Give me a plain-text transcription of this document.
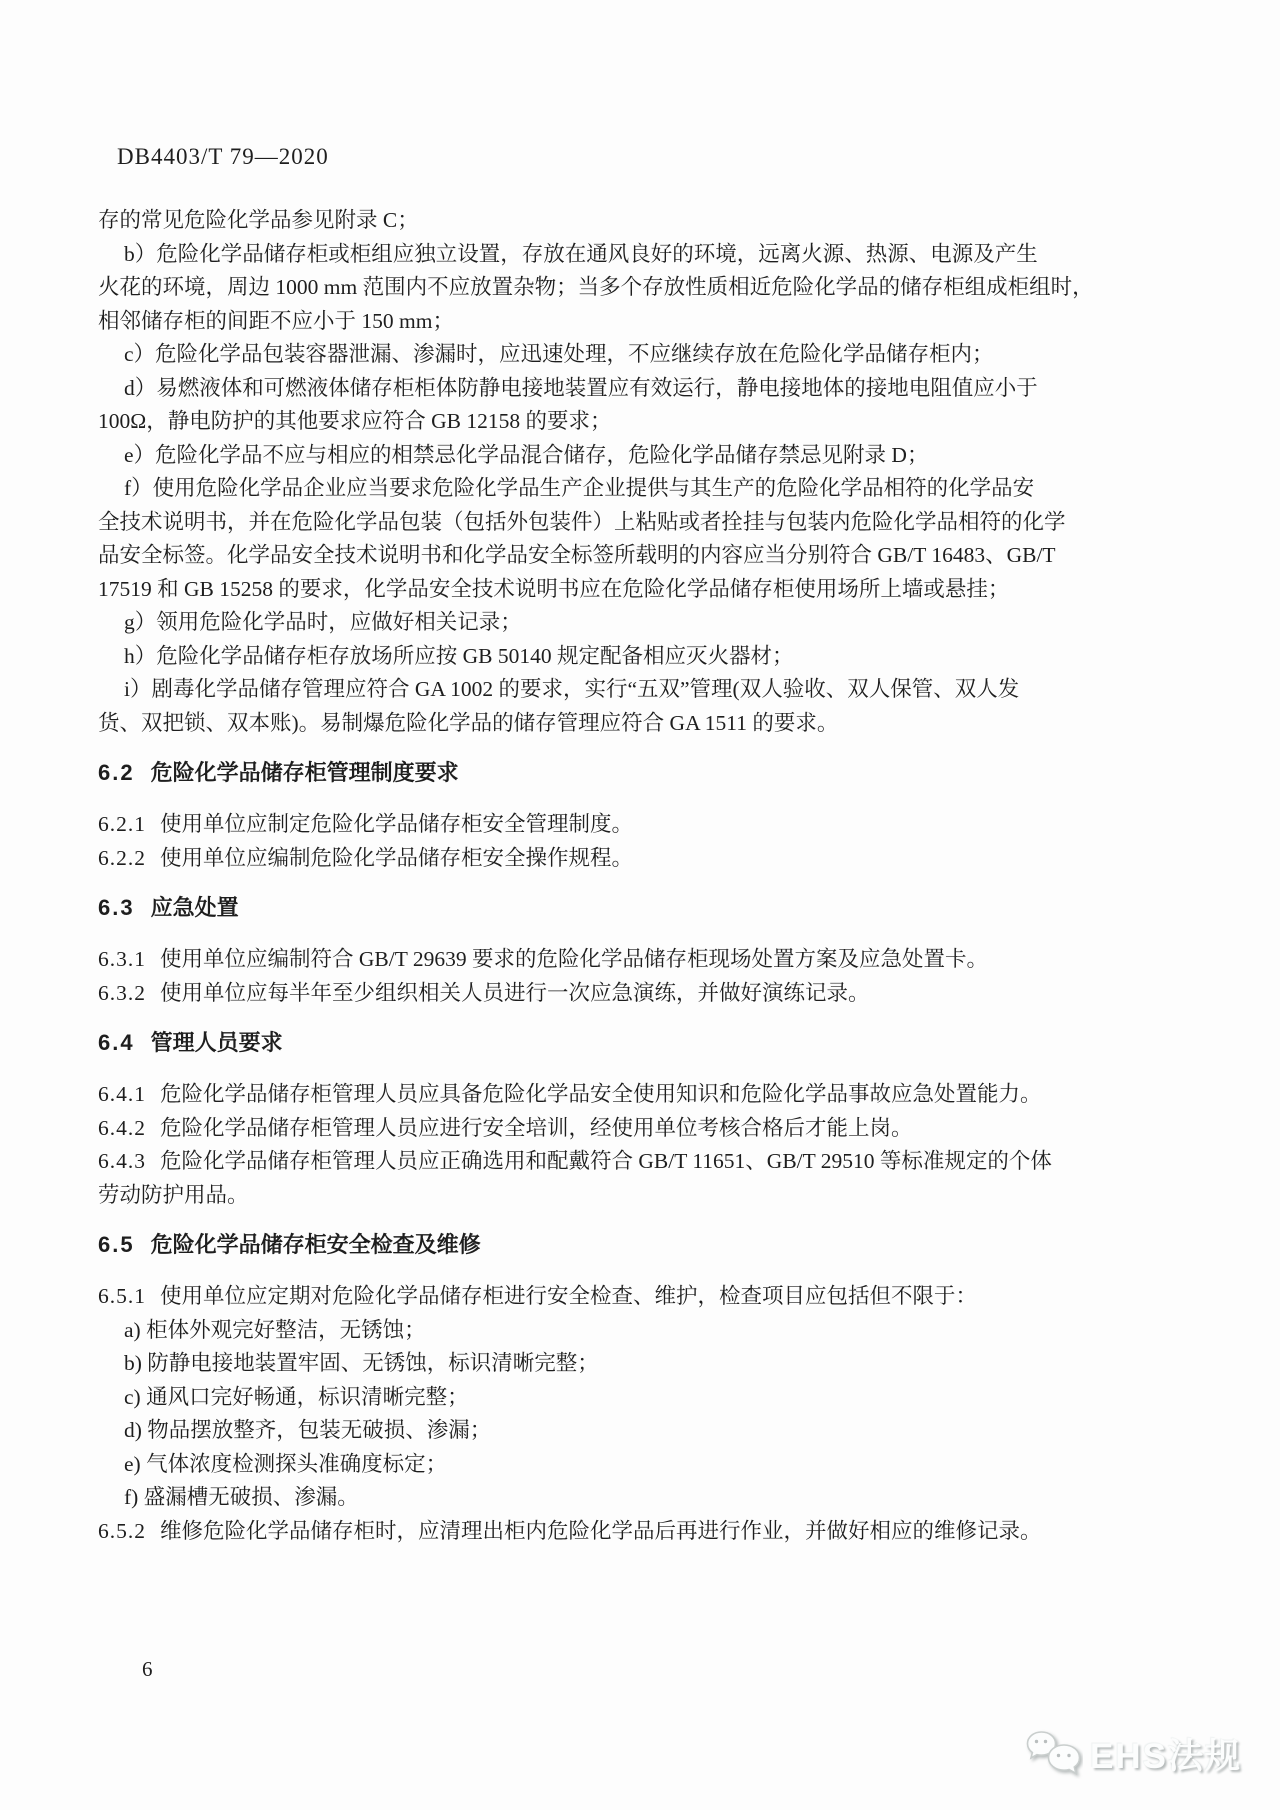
DB4403/T 79—2020
存的常见危险化学品参见附录 C；
b）危险化学品储存柜或柜组应独立设置，存放在通风良好的环境，远离火源、热源、电源及产生
火花的环境，周边 1000 mm 范围内不应放置杂物；当多个存放性质相近危险化学品的储存柜组成柜组时，
相邻储存柜的间距不应小于 150 mm；
c）危险化学品包装容器泄漏、渗漏时，应迅速处理，不应继续存放在危险化学品储存柜内；
d）易燃液体和可燃液体储存柜柜体防静电接地装置应有效运行，静电接地体的接地电阻值应小于
100Ω，静电防护的其他要求应符合 GB 12158 的要求；
e）危险化学品不应与相应的相禁忌化学品混合储存，危险化学品储存禁忌见附录 D；
f）使用危险化学品企业应当要求危险化学品生产企业提供与其生产的危险化学品相符的化学品安
全技术说明书，并在危险化学品包装（包括外包装件）上粘贴或者拴挂与包装内危险化学品相符的化学
品安全标签。化学品安全技术说明书和化学品安全标签所载明的内容应当分别符合 GB/T 16483、GB/T
17519 和 GB 15258 的要求，化学品安全技术说明书应在危险化学品储存柜使用场所上墙或悬挂；
g）领用危险化学品时，应做好相关记录；
h）危险化学品储存柜存放场所应按 GB 50140 规定配备相应灭火器材；
i）剧毒化学品储存管理应符合 GA 1002 的要求，实行“五双”管理(双人验收、双人保管、双人发
货、双把锁、双本账)。易制爆危险化学品的储存管理应符合 GA 1511 的要求。
6.2 危险化学品储存柜管理制度要求
6.2.1 使用单位应制定危险化学品储存柜安全管理制度。
6.2.2 使用单位应编制危险化学品储存柜安全操作规程。
6.3 应急处置
6.3.1 使用单位应编制符合 GB/T 29639 要求的危险化学品储存柜现场处置方案及应急处置卡。
6.3.2 使用单位应每半年至少组织相关人员进行一次应急演练，并做好演练记录。
6.4 管理人员要求
6.4.1 危险化学品储存柜管理人员应具备危险化学品安全使用知识和危险化学品事故应急处置能力。
6.4.2 危险化学品储存柜管理人员应进行安全培训，经使用单位考核合格后才能上岗。
6.4.3 危险化学品储存柜管理人员应正确选用和配戴符合 GB/T 11651、GB/T 29510 等标准规定的个体
劳动防护用品。
6.5 危险化学品储存柜安全检查及维修
6.5.1 使用单位应定期对危险化学品储存柜进行安全检查、维护，检查项目应包括但不限于：
a) 柜体外观完好整洁，无锈蚀；
b) 防静电接地装置牢固、无锈蚀，标识清晰完整；
c) 通风口完好畅通，标识清晰完整；
d) 物品摆放整齐，包装无破损、渗漏；
e) 气体浓度检测探头准确度标定；
f) 盛漏槽无破损、渗漏。
6.5.2 维修危险化学品储存柜时，应清理出柜内危险化学品后再进行作业，并做好相应的维修记录。
6
EHS法规
